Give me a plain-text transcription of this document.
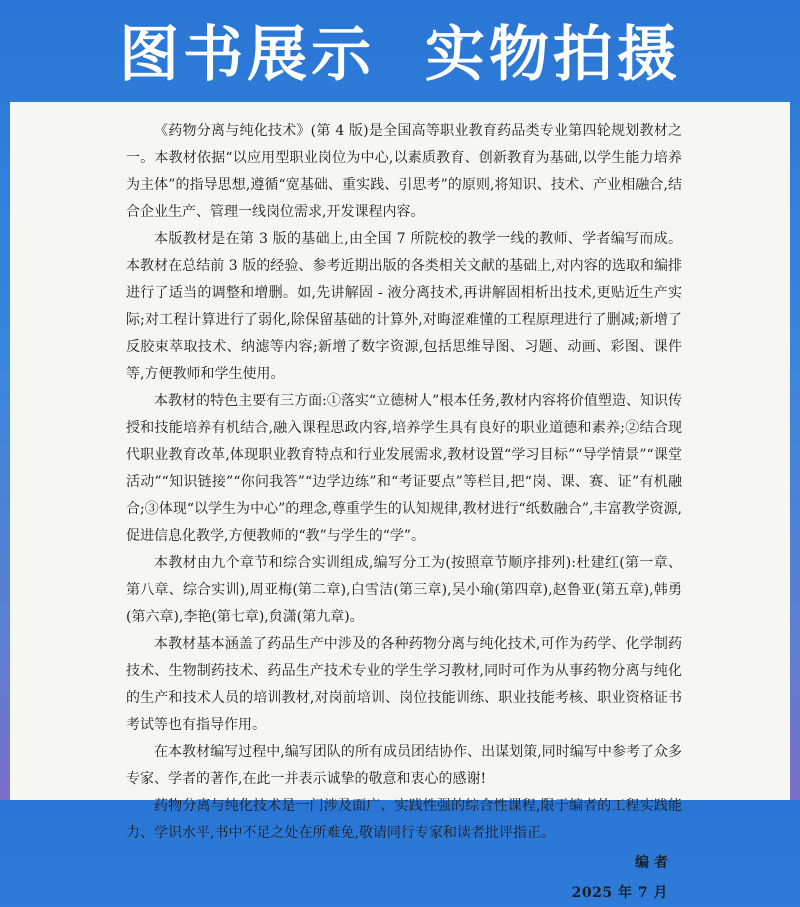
图书展示  实物拍摄

《药物分离与纯化技术》(第 4 版)是全国高等职业教育药品类专业第四轮规划教材之一。本教材依据“以应用型职业岗位为中心,以素质教育、创新教育为基础,以学生能力培养为主体”的指导思想,遵循“宽基础、重实践、引思考”的原则,将知识、技术、产业相融合,结合企业生产、管理一线岗位需求,开发课程内容。

本版教材是在第 3 版的基础上,由全国 7 所院校的教学一线的教师、学者编写而成。本教材在总结前 3 版的经验、参考近期出版的各类相关文献的基础上,对内容的选取和编排进行了适当的调整和增删。如,先讲解固 - 液分离技术,再讲解固相析出技术,更贴近生产实际;对工程计算进行了弱化,除保留基础的计算外,对晦涩难懂的工程原理进行了删减;新增了反胶束萃取技术、纳滤等内容;新增了数字资源,包括思维导图、习题、动画、彩图、课件等,方便教师和学生使用。

本教材的特色主要有三方面:①落实“立德树人”根本任务,教材内容将价值塑造、知识传授和技能培养有机结合,融入课程思政内容,培养学生具有良好的职业道德和素养;②结合现代职业教育改革,体现职业教育特点和行业发展需求,教材设置“学习目标”“导学情景”“课堂活动”“知识链接”“你问我答”“边学边练”和“考证要点”等栏目,把“岗、课、赛、证”有机融合;③体现“以学生为中心”的理念,尊重学生的认知规律,教材进行“纸数融合”,丰富教学资源,促进信息化教学,方便教师的“教”与学生的“学”。

本教材由九个章节和综合实训组成,编写分工为(按照章节顺序排列):杜建红(第一章、第八章、综合实训),周亚梅(第二章),白雪洁(第三章),吴小瑜(第四章),赵鲁亚(第五章),韩勇(第六章),李艳(第七章),贠潇(第九章)。

本教材基本涵盖了药品生产中涉及的各种药物分离与纯化技术,可作为药学、化学制药技术、生物制药技术、药品生产技术专业的学生学习教材,同时可作为从事药物分离与纯化的生产和技术人员的培训教材,对岗前培训、岗位技能训练、职业技能考核、职业资格证书考试等也有指导作用。

在本教材编写过程中,编写团队的所有成员团结协作、出谋划策,同时编写中参考了众多专家、学者的著作,在此一并表示诚挚的敬意和衷心的感谢!

药物分离与纯化技术是一门涉及面广、实践性强的综合性课程,限于编者的工程实践能力、学识水平,书中不足之处在所难免,敬请同行专家和读者批评指正。

编 者
2025 年 7 月
